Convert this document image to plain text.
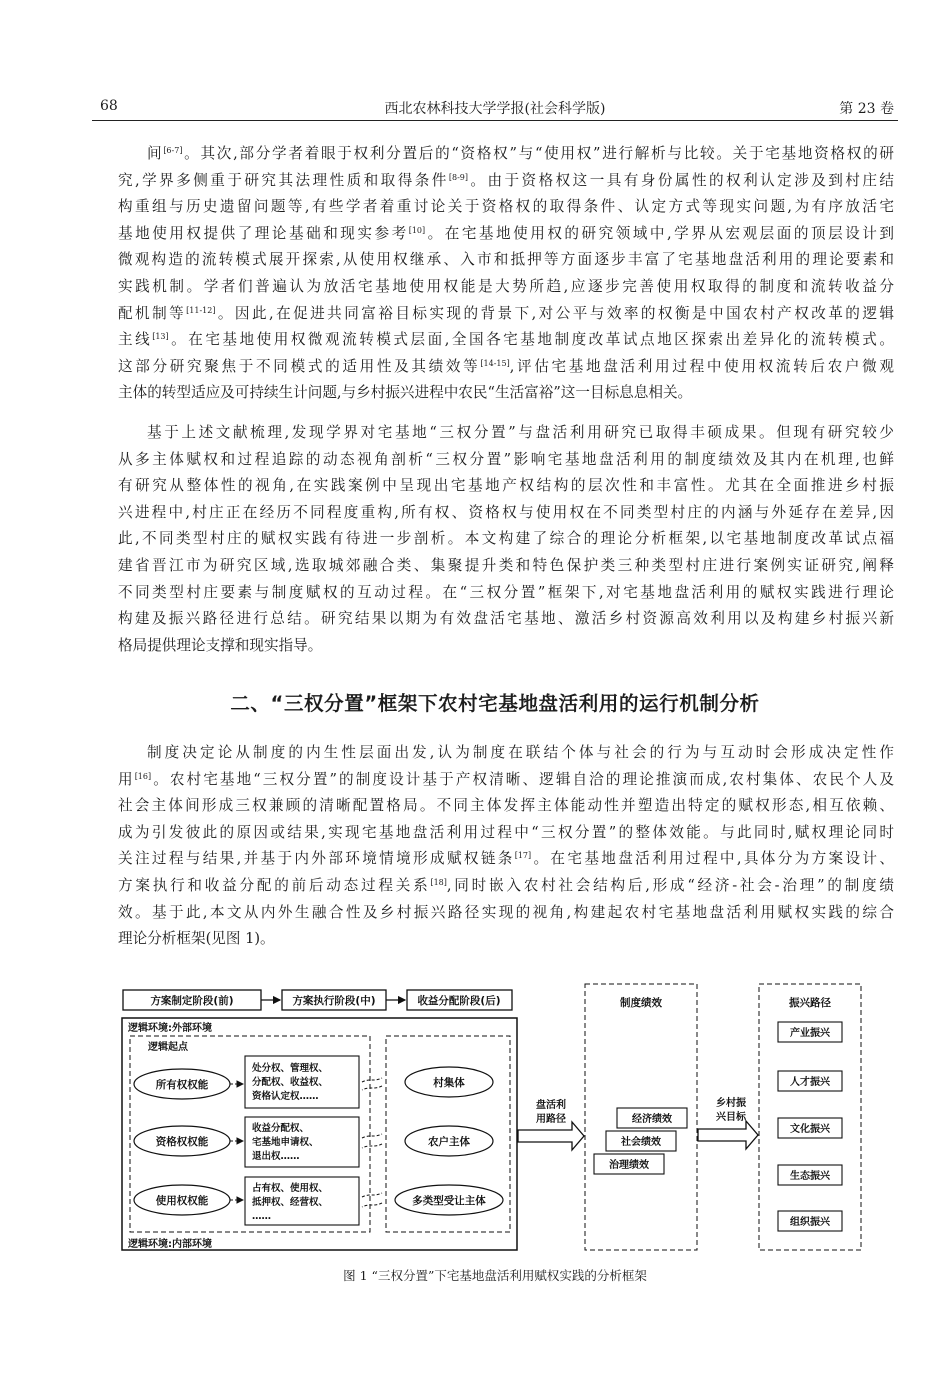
68	西北农林科技大学学报(社会科学版)	第 23 卷

间[6-7]。其次,部分学者着眼于权利分置后的“资格权”与“使用权”进行解析与比较。关于宅基地资格权的研
究,学界多侧重于研究其法理性质和取得条件[8-9]。由于资格权这一具有身份属性的权利认定涉及到村庄结
构重组与历史遗留问题等,有些学者着重讨论关于资格权的取得条件、认定方式等现实问题,为有序放活宅
基地使用权提供了理论基础和现实参考[10]。在宅基地使用权的研究领域中,学界从宏观层面的顶层设计到
微观构造的流转模式展开探索,从使用权继承、入市和抵押等方面逐步丰富了宅基地盘活利用的理论要素和
实践机制。学者们普遍认为放活宅基地使用权能是大势所趋,应逐步完善使用权取得的制度和流转收益分
配机制等[11-12]。因此,在促进共同富裕目标实现的背景下,对公平与效率的权衡是中国农村产权改革的逻辑
主线[13]。在宅基地使用权微观流转模式层面,全国各宅基地制度改革试点地区探索出差异化的流转模式。
这部分研究聚焦于不同模式的适用性及其绩效等[14-15],评估宅基地盘活利用过程中使用权流转后农户微观
主体的转型适应及可持续生计问题,与乡村振兴进程中农民“生活富裕”这一目标息息相关。

基于上述文献梳理,发现学界对宅基地“三权分置”与盘活利用研究已取得丰硕成果。但现有研究较少
从多主体赋权和过程追踪的动态视角剖析“三权分置”影响宅基地盘活利用的制度绩效及其内在机理,也鲜
有研究从整体性的视角,在实践案例中呈现出宅基地产权结构的层次性和丰富性。尤其在全面推进乡村振
兴进程中,村庄正在经历不同程度重构,所有权、资格权与使用权在不同类型村庄的内涵与外延存在差异,因
此,不同类型村庄的赋权实践有待进一步剖析。本文构建了综合的理论分析框架,以宅基地制度改革试点福
建省晋江市为研究区域,选取城郊融合类、集聚提升类和特色保护类三种类型村庄进行案例实证研究,阐释
不同类型村庄要素与制度赋权的互动过程。在“三权分置”框架下,对宅基地盘活利用的赋权实践进行理论
构建及振兴路径进行总结。研究结果以期为有效盘活宅基地、激活乡村资源高效利用以及构建乡村振兴新
格局提供理论支撑和现实指导。

二、“三权分置”框架下农村宅基地盘活利用的运行机制分析

制度决定论从制度的内生性层面出发,认为制度在联结个体与社会的行为与互动时会形成决定性作
用[16]。农村宅基地“三权分置”的制度设计基于产权清晰、逻辑自洽的理论推演而成,农村集体、农民个人及
社会主体间形成三权兼顾的清晰配置格局。不同主体发挥主体能动性并塑造出特定的赋权形态,相互依赖、
成为引发彼此的原因或结果,实现宅基地盘活利用过程中“三权分置”的整体效能。与此同时,赋权理论同时
关注过程与结果,并基于内外部环境情境形成赋权链条[17]。在宅基地盘活利用过程中,具体分为方案设计、
方案执行和收益分配的前后动态过程关系[18],同时嵌入农村社会结构后,形成“经济-社会-治理”的制度绩
效。基于此,本文从内外生融合性及乡村振兴路径实现的视角,构建起农村宅基地盘活利用赋权实践的综合
理论分析框架(见图 1)。

方案制定阶段(前)	方案执行阶段(中)	收益分配阶段(后)
逻辑环境:外部环境
逻辑环境:内部环境
逻辑起点
所有权权能
资格权权能
使用权权能
处分权、管理权、
分配权、收益权、
资格认定权……
收益分配权、
宅基地申请权、
退出权……
占有权、使用权、
抵押权、经营权、
……
村集体
农户主体
多类型受让主体
盘活利
用路径
制度绩效
经济绩效
社会绩效
治理绩效
乡村振
兴目标
振兴路径
产业振兴
人才振兴
文化振兴
生态振兴
组织振兴

图 1 “三权分置”下宅基地盘活利用赋权实践的分析框架
